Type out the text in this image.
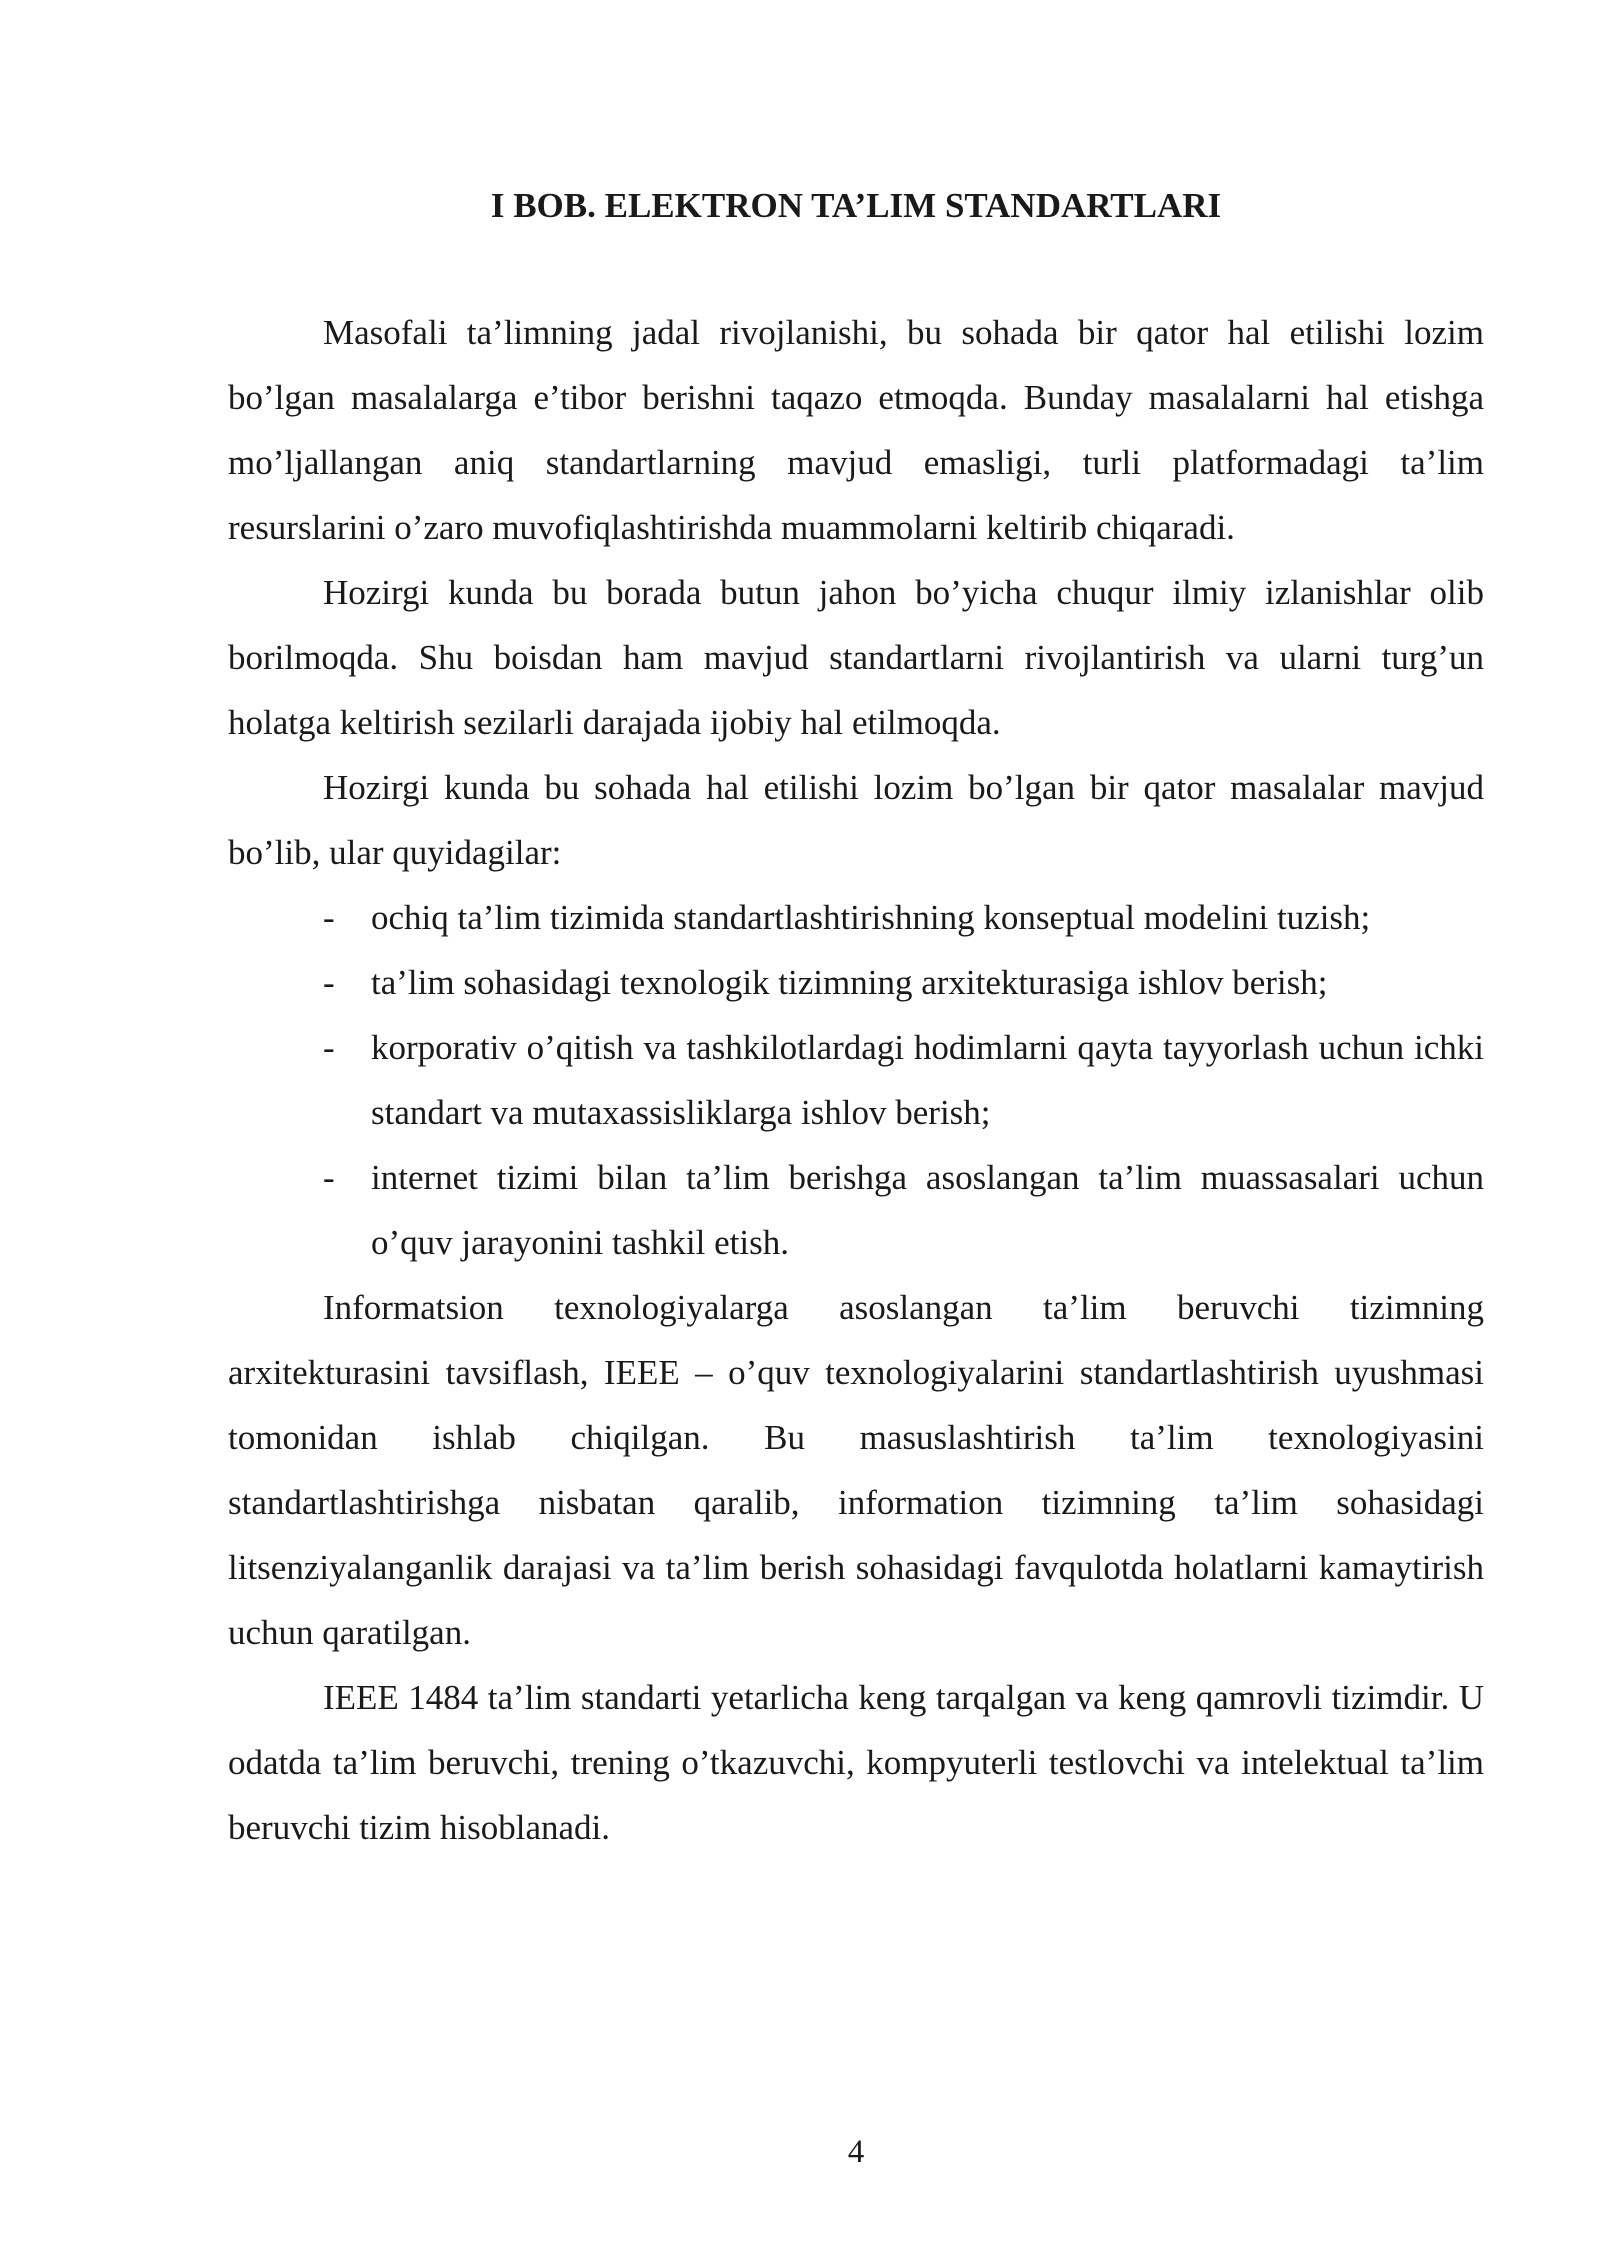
I BOB. ELEKTRON TA’LIM STANDARTLARI

Masofali ta’limning jadal rivojlanishi, bu sohada bir qator hal etilishi lozim bo’lgan masalalarga e’tibor berishni taqazo etmoqda. Bunday masalalarni hal etishga mo’ljallangan aniq standartlarning mavjud emasligi, turli platformadagi ta’lim resurslarini o’zaro muvofiqlashtirishda muammolarni keltirib chiqaradi.

Hozirgi kunda bu borada butun jahon bo’yicha chuqur ilmiy izlanishlar olib borilmoqda. Shu boisdan ham mavjud standartlarni rivojlantirish va ularni turg’un holatga keltirish sezilarli darajada ijobiy hal etilmoqda.

Hozirgi kunda bu sohada hal etilishi lozim bo’lgan bir qator masalalar mavjud bo’lib, ular quyidagilar:

- ochiq ta’lim tizimida standartlashtirishning konseptual modelini tuzish;
- ta’lim sohasidagi texnologik tizimning arxitekturasiga ishlov berish;
- korporativ o’qitish va tashkilotlardagi hodimlarni qayta tayyorlash uchun ichki standart va mutaxassisliklarga ishlov berish;
- internet tizimi bilan ta’lim berishga asoslangan ta’lim muassasalari uchun o’quv jarayonini tashkil etish.

Informatsion texnologiyalarga asoslangan ta’lim beruvchi tizimning arxitekturasini tavsiflash, IEEE – o’quv texnologiyalarini standartlashtirish uyushmasi tomonidan ishlab chiqilgan. Bu masuslashtirish ta’lim texnologiyasini standartlashtirishga nisbatan qaralib, information tizimning ta’lim sohasidagi litsenziyalanganlik darajasi va ta’lim berish sohasidagi favqulotda holatlarni kamaytirish uchun qaratilgan.

IEEE 1484 ta’lim standarti yetarlicha keng tarqalgan va keng qamrovli tizimdir. U odatda ta’lim beruvchi, trening o’tkazuvchi, kompyuterli testlovchi va intelektual ta’lim beruvchi tizim hisoblanadi.

4
